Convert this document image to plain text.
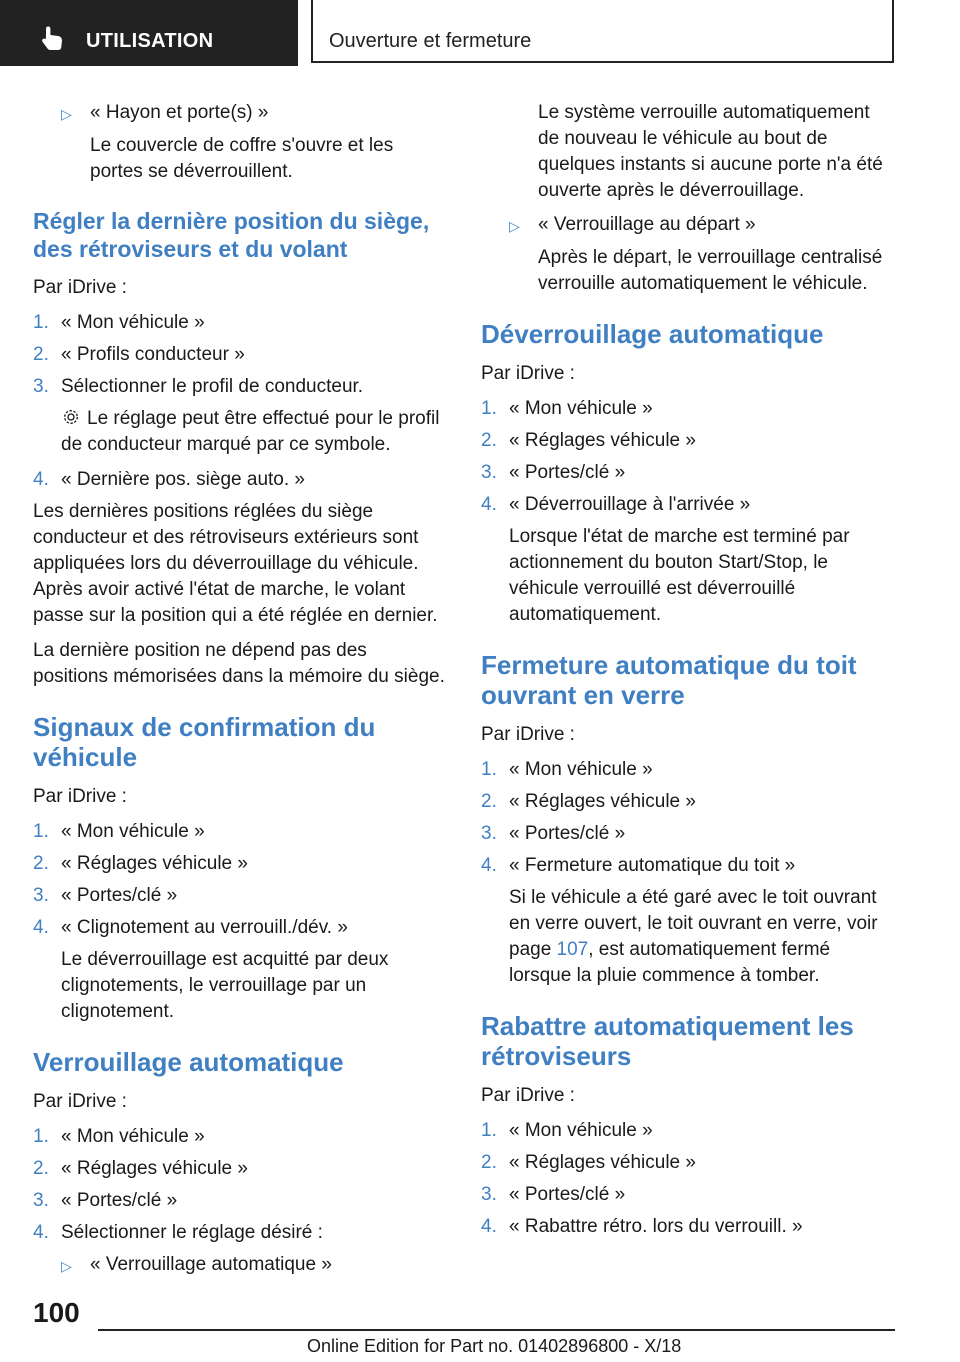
UTILISATION	Ouverture et fermeture
▷ « Hayon et porte(s) »

Le couvercle de coffre s'ouvre et les portes se déverrouillent.

Régler la dernière position du siège, des rétroviseurs et du volant

Par iDrive :

1. « Mon véhicule »
2. « Profils conducteur »
3. Sélectionner le profil de conducteur.

Le réglage peut être effectué pour le profil de conducteur marqué par ce symbole.

4. « Dernière pos. siège auto. »

Les dernières positions réglées du siège conducteur et des rétroviseurs extérieurs sont appliquées lors du déverrouillage du véhicule. Après avoir activé l'état de marche, le volant passe sur la position qui a été réglée en dernier.

La dernière position ne dépend pas des positions mémorisées dans la mémoire du siège.

Signaux de confirmation du véhicule

Par iDrive :

1. « Mon véhicule »
2. « Réglages véhicule »
3. « Portes/clé »
4. « Clignotement au verrouill./dév. »

Le déverrouillage est acquitté par deux clignotements, le verrouillage par un clignotement.

Verrouillage automatique

Par iDrive :

1. « Mon véhicule »
2. « Réglages véhicule »
3. « Portes/clé »
4. Sélectionner le réglage désiré :
▷ « Verrouillage automatique »

Le système verrouille automatiquement de nouveau le véhicule au bout de quelques instants si aucune porte n'a été ouverte après le déverrouillage.

▷ « Verrouillage au départ »

Après le départ, le verrouillage centralisé verrouille automatiquement le véhicule.

Déverrouillage automatique

Par iDrive :

1. « Mon véhicule »
2. « Réglages véhicule »
3. « Portes/clé »
4. « Déverrouillage à l'arrivée »

Lorsque l'état de marche est terminé par actionnement du bouton Start/Stop, le véhicule verrouillé est déverrouillé automatiquement.

Fermeture automatique du toit ouvrant en verre

Par iDrive :

1. « Mon véhicule »
2. « Réglages véhicule »
3. « Portes/clé »
4. « Fermeture automatique du toit »

Si le véhicule a été garé avec le toit ouvrant en verre ouvert, le toit ouvrant en verre, voir page 107, est automatiquement fermé lorsque la pluie commence à tomber.

Rabattre automatiquement les rétroviseurs

Par iDrive :

1. « Mon véhicule »
2. « Réglages véhicule »
3. « Portes/clé »
4. « Rabattre rétro. lors du verrouill. »
100
Online Edition for Part no. 01402896800 - X/18
